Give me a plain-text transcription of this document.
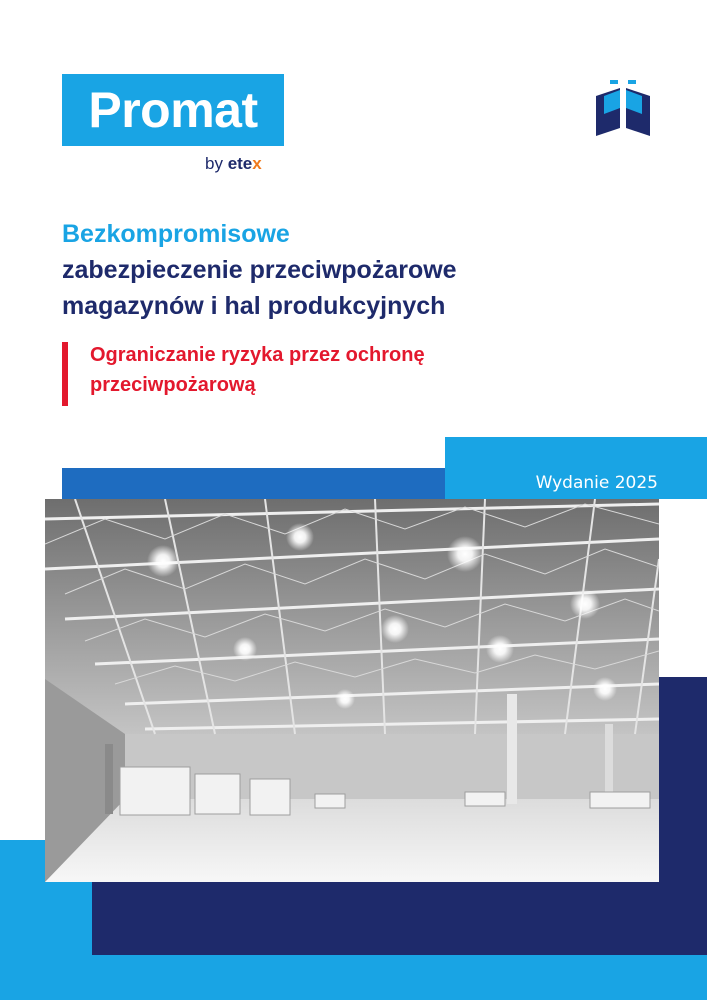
Promat
by etex
Bezkompromisowe
zabezpieczenie przeciwpożarowe
magazynów i hal produkcyjnych
Ograniczanie ryzyka przez ochronę
przeciwpożarową
Wydanie 2025
